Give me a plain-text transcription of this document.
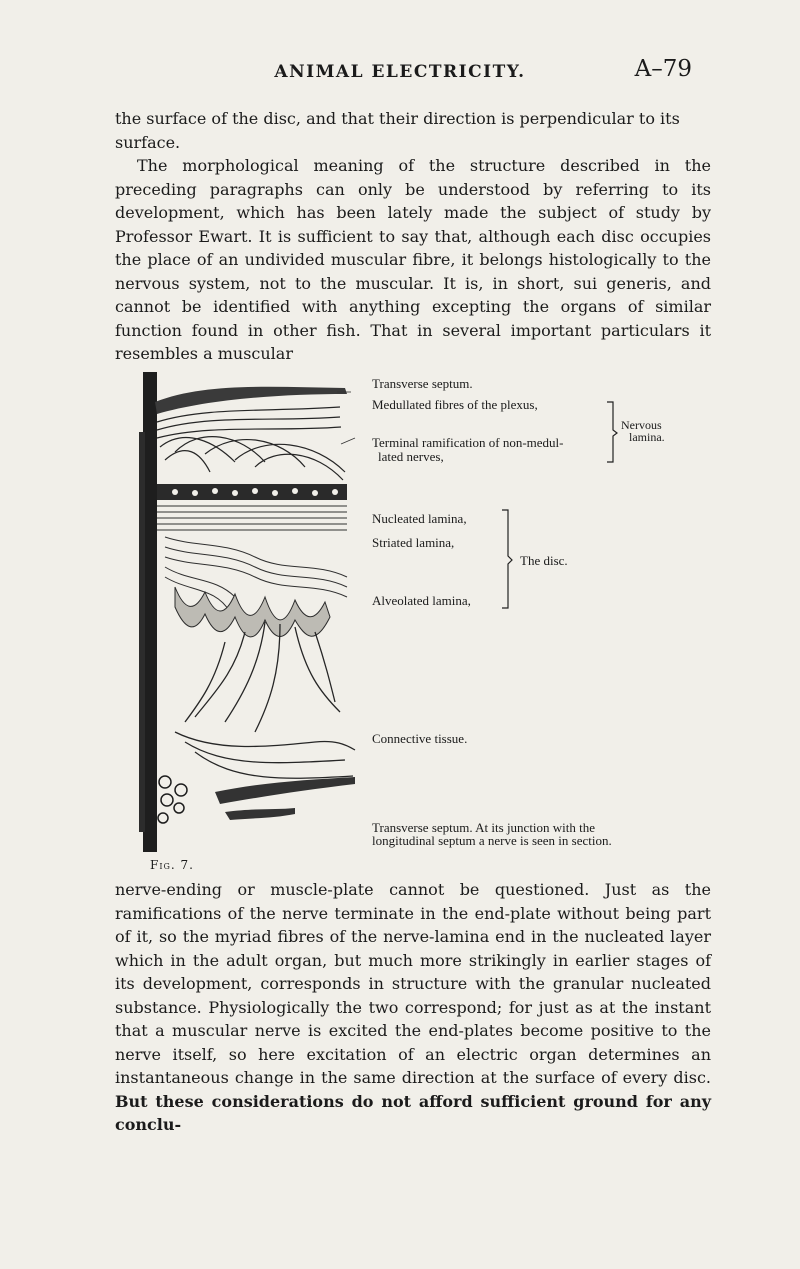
ANIMAL ELECTRICITY.	A–79

the surface of the disc, and that their direction is perpendicular to its
surface.

The morphological meaning of the structure described in the preceding paragraphs can only be understood by referring to its development, which has been lately made the subject of study by Professor Ewart. It is sufficient to say that, although each disc occupies the place of an undivided muscular fibre, it belongs histologically to the nervous system, not to the muscular. It is, in short, sui generis, and cannot be identified with anything excepting the organs of similar function found in other fish. That in several important particulars it resembles a muscular

Transverse septum.
Medullated fibres of the plexus,
Terminal ramification of non-medul-
lated nerves,
Nervous
lamina.
Nucleated lamina,
Striated lamina,
Alveolated lamina,
The disc.
Connective tissue.
Transverse septum. At its junction with the
longitudinal septum a nerve is seen in section.
Fig. 7.

nerve-ending or muscle-plate cannot be questioned. Just as the ramifications of the nerve terminate in the end-plate without being part of it, so the myriad fibres of the nerve-lamina end in the nucleated layer which in the adult organ, but much more strikingly in earlier stages of its development, corresponds in structure with the granular nucleated substance. Physiologically the two correspond; for just as at the instant that a muscular nerve is excited the end-plates become positive to the nerve itself, so here excitation of an electric organ determines an instantaneous change in the same direction at the surface of every disc. But these considerations do not afford sufficient ground for any conclu-
